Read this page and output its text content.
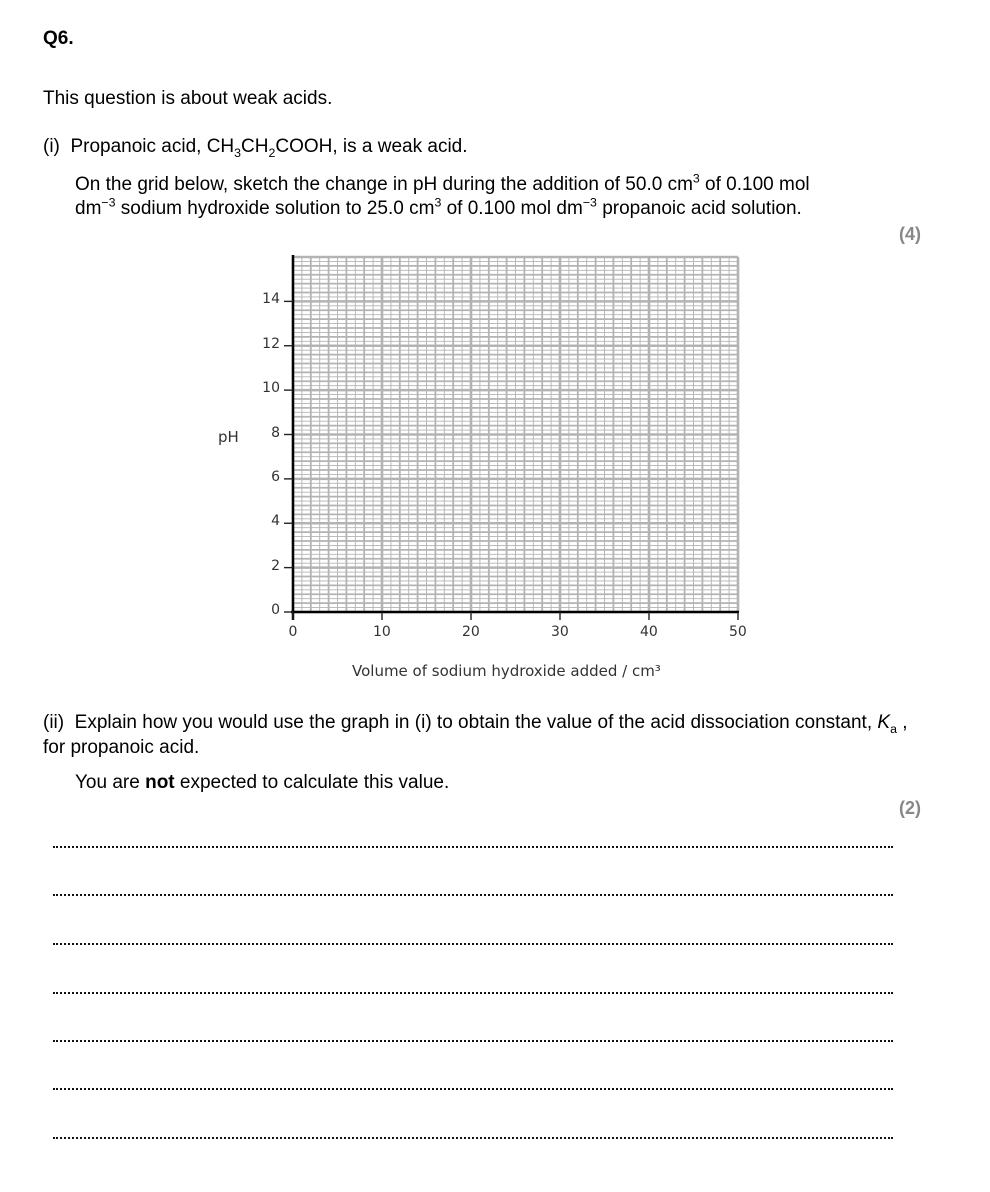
Q6.
This question is about weak acids.
(i) Propanoic acid, $CH_3CH_2COOH$, is a weak acid.
On the grid below, sketch the change in pH during the addition of 50.0 $cm^3$ of 0.100 mol
$dm^{-3}$ sodium hydroxide solution to 25.0 $cm^3$ of 0.100 mol $dm^{-3}$ propanoic acid solution.
(4)
pH
0
2
4
6
8
10
12
14
0	10	20	30	40	50
Volume of sodium hydroxide added / cm³
(ii) Explain how you would use the graph in (i) to obtain the value of the acid dissociation constant, $K_a$ , for propanoic acid.
You are not expected to calculate this value.
(2)
